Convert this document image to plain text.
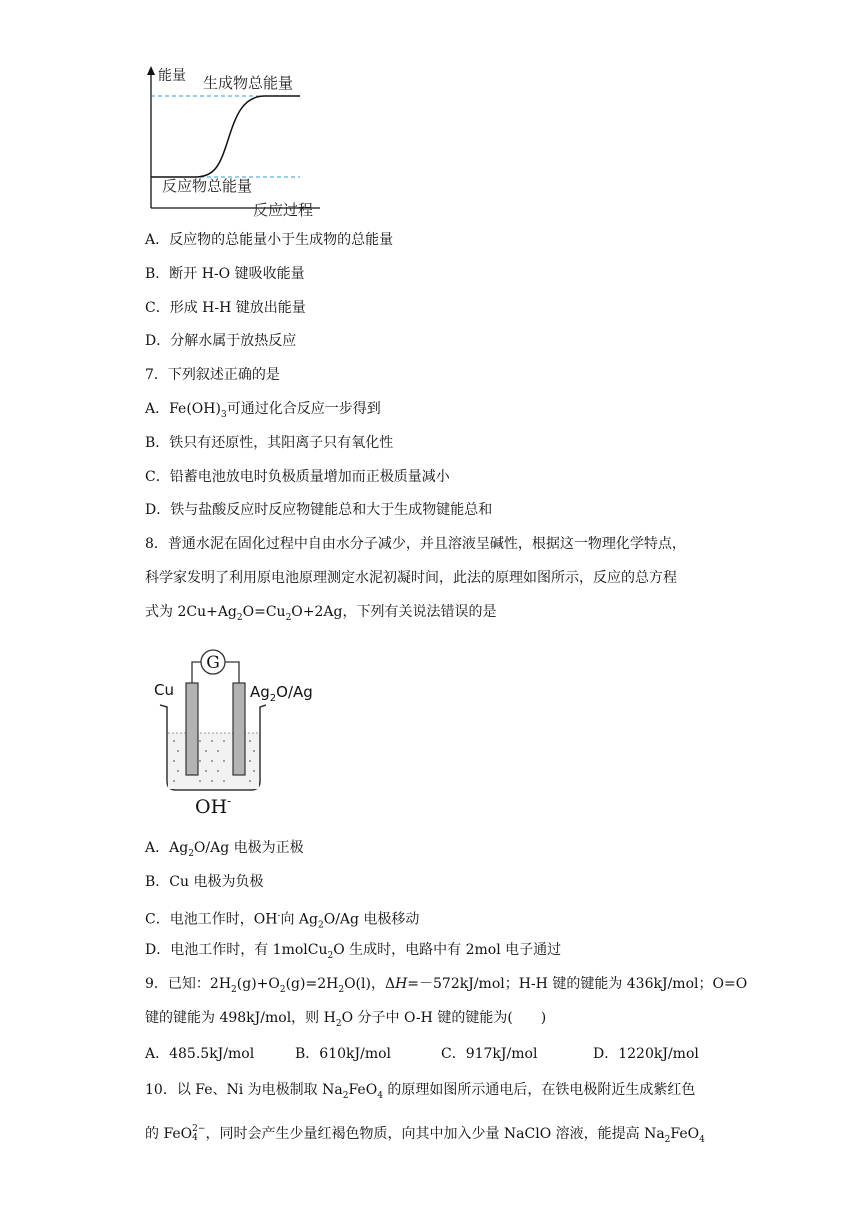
能量 生成物总能量
反应物总能量
反应过程
A．反应物的总能量小于生成物的总能量
B．断开 H-O 键吸收能量
C．形成 H-H 键放出能量
D．分解水属于放热反应
7．下列叙述正确的是
A．$Fe(OH)_3$可通过化合反应一步得到
B．铁只有还原性，其阳离子只有氧化性
C．铅蓄电池放电时负极质量增加而正极质量减小
D．铁与盐酸反应时反应物键能总和大于生成物键能总和
8．普通水泥在固化过程中自由水分子减少，并且溶液呈碱性，根据这一物理化学特点，
科学家发明了利用原电池原理测定水泥初凝时间，此法的原理如图所示，反应的总方程
式为 $2Cu+Ag_2O=Cu_2O+2Ag$，下列有关说法错误的是
G
Cu	$Ag_2O/Ag$
OH-
A．$Ag_2O/Ag$ 电极为正极
B．Cu 电极为负极
C．电池工作时，OH-向 $Ag_2O/Ag$ 电极移动
D．电池工作时，有 1molCu$_2$O 生成时，电路中有 2mol 电子通过
9．已知：$2H_2(g)+O_2(g)=2H_2O(l)$，ΔH=－572kJ/mol；H-H 键的键能为 436kJ/mol；O=O
键的键能为 498kJ/mol，则 $H_2O$ 分子中 O-H 键的键能为(　　)
A．485.5kJ/mol	B．610kJ/mol	C．917kJ/mol	D．1220kJ/mol
10．以 Fe、Ni 为电极制取 $Na_2FeO_4$ 的原理如图所示通电后，在铁电极附近生成紫红色
的 FeO 2−
4 ，同时会产生少量红褐色物质，向其中加入少量 NaClO 溶液，能提高 $Na_2FeO_4$
